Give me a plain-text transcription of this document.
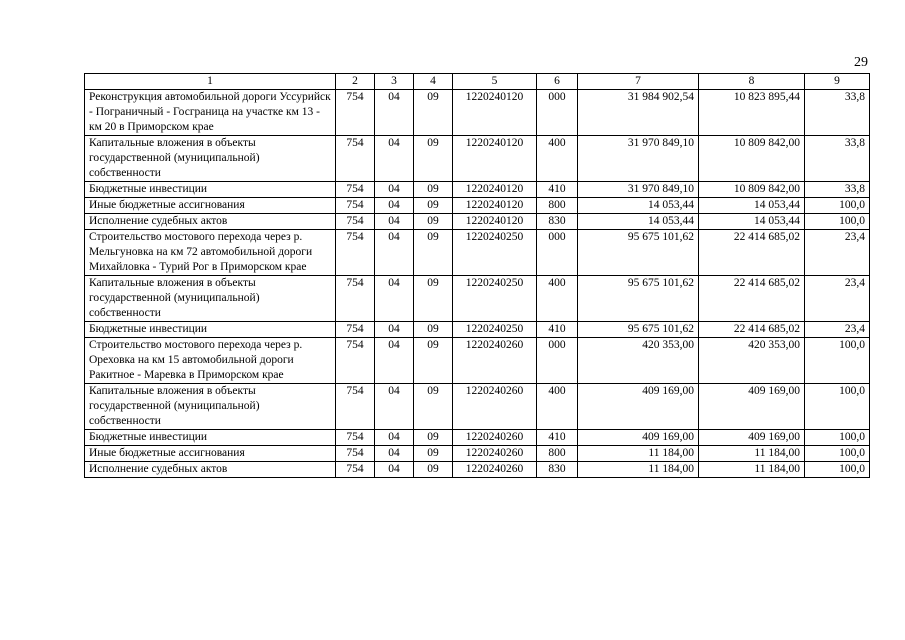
29
1	2	3	4	5	6	7	8	9
Реконструкция автомобильной дороги Уссурийск - Пограничный - Госграница на участке км 13 - км 20 в Приморском крае	754	04	09	1220240120	000	31 984 902,54	10 823 895,44	33,8
Капитальные вложения в объекты государственной (муниципальной) собственности	754	04	09	1220240120	400	31 970 849,10	10 809 842,00	33,8
Бюджетные инвестиции	754	04	09	1220240120	410	31 970 849,10	10 809 842,00	33,8
Иные бюджетные ассигнования	754	04	09	1220240120	800	14 053,44	14 053,44	100,0
Исполнение судебных актов	754	04	09	1220240120	830	14 053,44	14 053,44	100,0
Строительство мостового перехода через р. Мельгуновка на км 72 автомобильной дороги Михайловка - Турий Рог в Приморском крае	754	04	09	1220240250	000	95 675 101,62	22 414 685,02	23,4
Капитальные вложения в объекты государственной (муниципальной) собственности	754	04	09	1220240250	400	95 675 101,62	22 414 685,02	23,4
Бюджетные инвестиции	754	04	09	1220240250	410	95 675 101,62	22 414 685,02	23,4
Строительство мостового перехода через р. Ореховка на км 15 автомобильной дороги Ракитное - Маревка в Приморском крае	754	04	09	1220240260	000	420 353,00	420 353,00	100,0
Капитальные вложения в объекты государственной (муниципальной) собственности	754	04	09	1220240260	400	409 169,00	409 169,00	100,0
Бюджетные инвестиции	754	04	09	1220240260	410	409 169,00	409 169,00	100,0
Иные бюджетные ассигнования	754	04	09	1220240260	800	11 184,00	11 184,00	100,0
Исполнение судебных актов	754	04	09	1220240260	830	11 184,00	11 184,00	100,0
